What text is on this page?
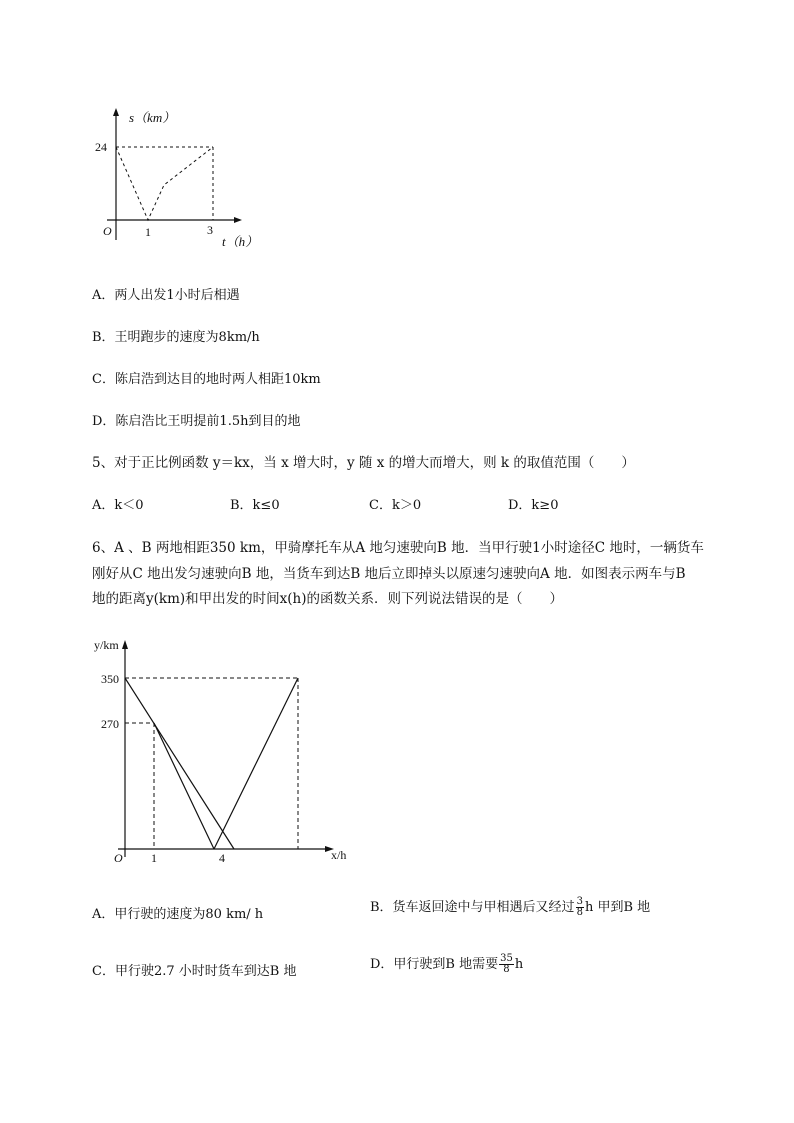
s（km）
24
O	1	3
t（h）
A．两人出发1小时后相遇
B．王明跑步的速度为8km/h
C．陈启浩到达目的地时两人相距10km
D．陈启浩比王明提前1.5h到目的地
5、对于正比例函数 y＝kx，当 x 增大时，y 随 x 的增大而增大，则 k 的取值范围（　　）
A．k＜0	B．k≤0	C．k＞0	D．k≥0
6、A 、B 两地相距350 km，甲骑摩托车从A 地匀速驶向B 地．当甲行驶1小时途径C 地时，一辆货车
刚好从C 地出发匀速驶向B 地，当货车到达B 地后立即掉头以原速匀速驶向A 地．如图表示两车与B
地的距离y(km)和甲出发的时间x(h)的函数关系．则下列说法错误的是（　　）
y/km
350
270
O 1	4	x/h
A．甲行驶的速度为80 km/ h	B．货车返回途中与甲相遇后又经过 $\frac{3}{8}$ h 甲到B 地
C．甲行驶2.7 小时时货车到达B 地	D．甲行驶到B 地需要 $\frac{35}{8}$ h
